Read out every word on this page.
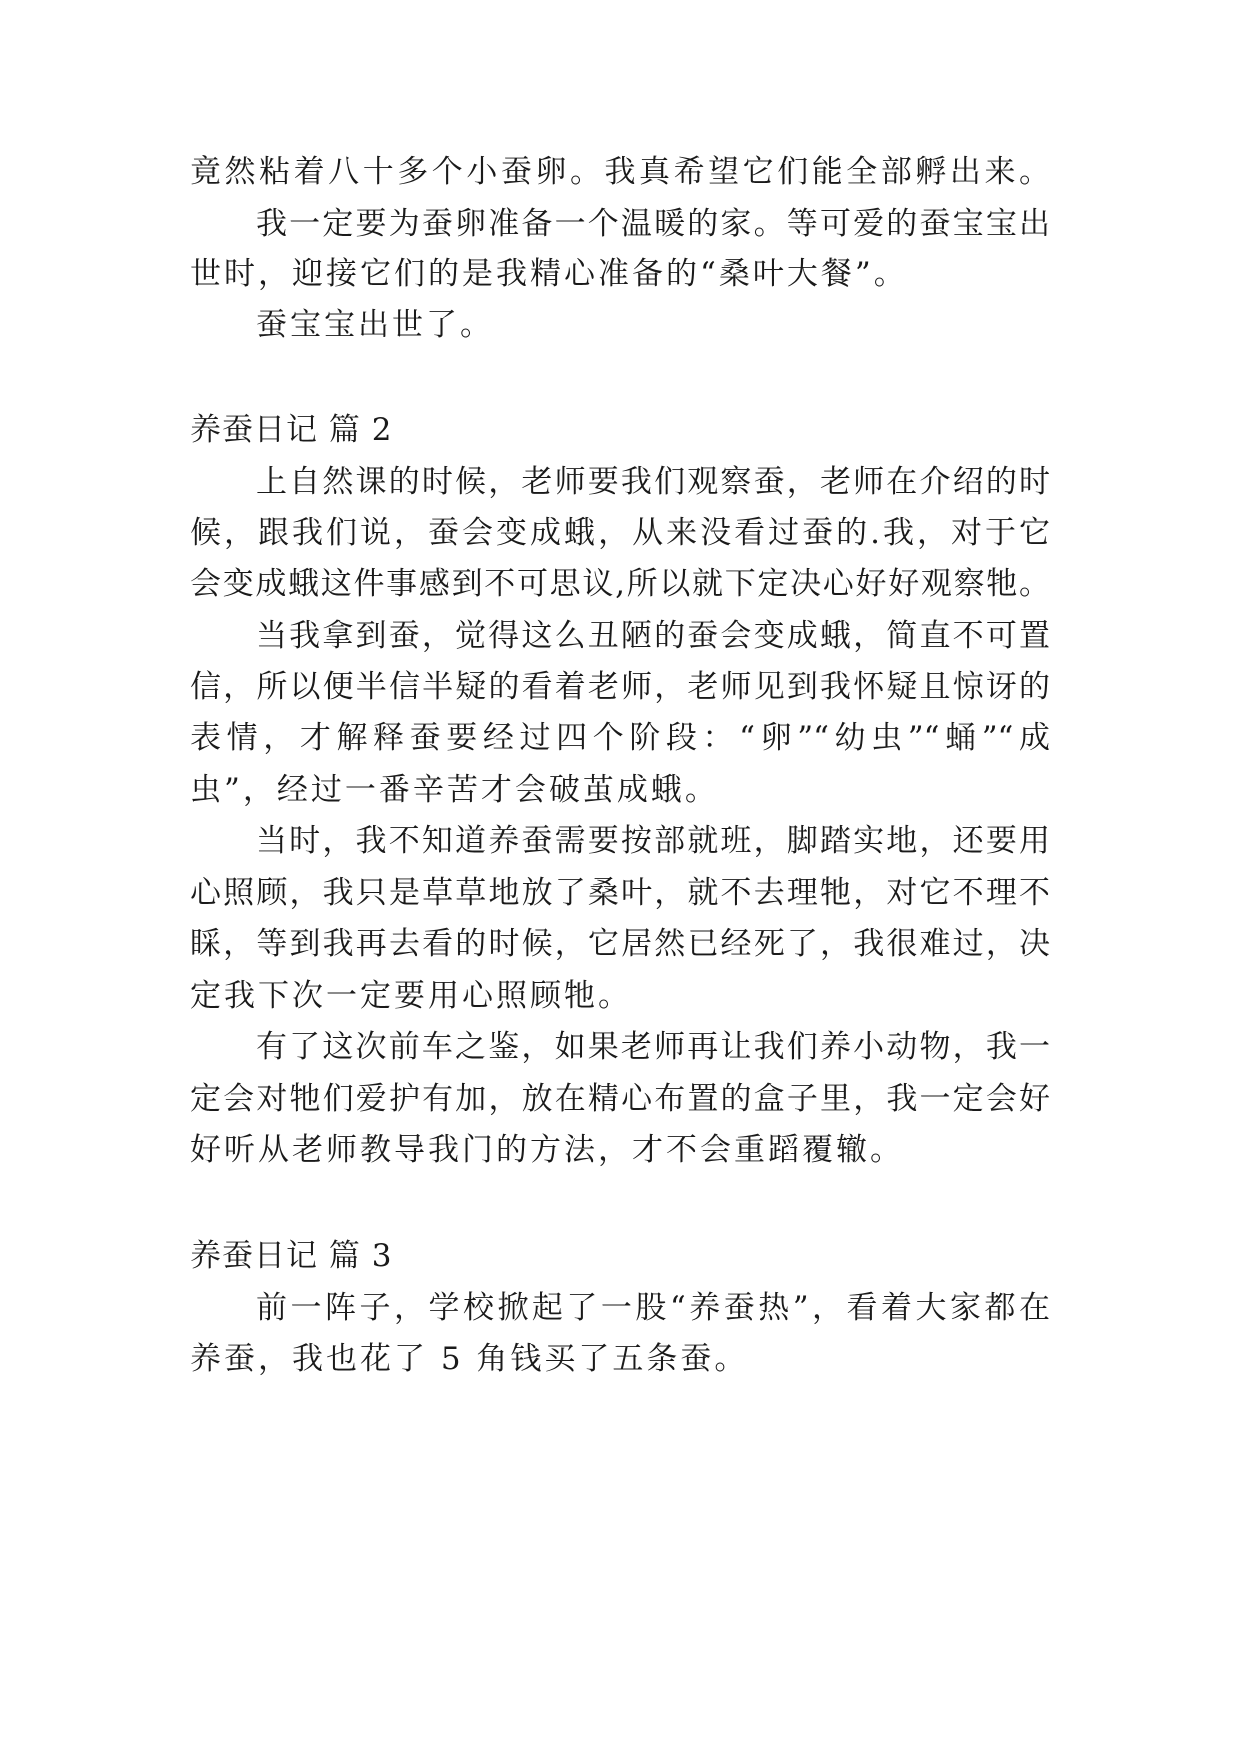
竟然粘着八十多个小蚕卵。我真希望它们能全部孵出来。
我一定要为蚕卵准备一个温暖的家。等可爱的蚕宝宝出
世时，迎接它们的是我精心准备的“桑叶大餐”。
蚕宝宝出世了。
养蚕日记 篇 2
上自然课的时候，老师要我们观察蚕，老师在介绍的时
候，跟我们说，蚕会变成蛾，从来没看过蚕的.我，对于它
会变成蛾这件事感到不可思议,所以就下定决心好好观察牠。
当我拿到蚕，觉得这么丑陋的蚕会变成蛾，简直不可置
信，所以便半信半疑的看着老师，老师见到我怀疑且惊讶的
表情，才解释蚕要经过四个阶段：“卵”“幼虫”“蛹”“成
虫”，经过一番辛苦才会破茧成蛾。
当时，我不知道养蚕需要按部就班，脚踏实地，还要用
心照顾，我只是草草地放了桑叶，就不去理牠，对它不理不
睬，等到我再去看的时候，它居然已经死了，我很难过，决
定我下次一定要用心照顾牠。
有了这次前车之鉴，如果老师再让我们养小动物，我一
定会对牠们爱护有加，放在精心布置的盒子里，我一定会好
好听从老师教导我门的方法，才不会重蹈覆辙。
养蚕日记 篇 3
前一阵子，学校掀起了一股“养蚕热”，看着大家都在
养蚕，我也花了 5 角钱买了五条蚕。
